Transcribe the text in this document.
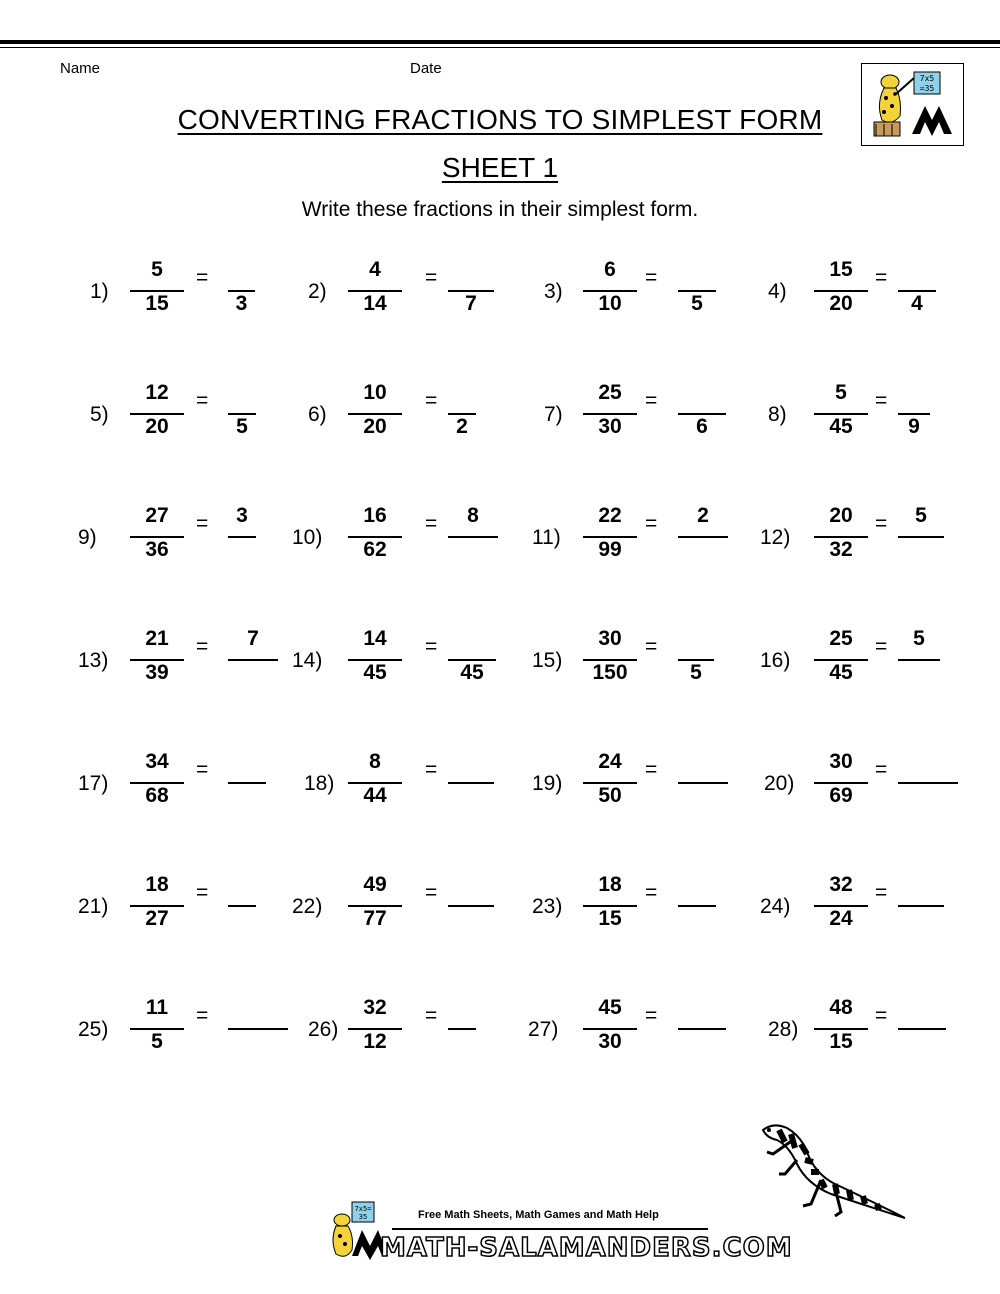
Name	Date
CONVERTING FRACTIONS TO SIMPLEST FORM
SHEET 1
Write these fractions in their simplest form.
7x5
=35
1)
5
15
=
3
2)
4
14
=
7
3)
6
10
=
5
4)
15
20
=
4
5)
12
20
=
5
6)
10
20
=
2
7)
25
30
=
6
8)
5
45
=
9
9)
27
36
=	3
10)
16
62
=	8
11)
22
99
=	2
12)
20
32
=	5
13)
21
39
=	7
14)
14
45
=
45
15)
30
150
=
5
16)
25
45
=	5
17)
34
68
=
18)
8
44
=
19)
24
50
=
20)
30
69
=
21)
18
27
=
22)
49
77
=
23)
18
15
=
24)
32
24
=
25)
11
5
=
26)
32
12
=
27)
45
30
=
28)
48
15
=
Free Math Sheets, Math Games and Math Help
7x5=
35
MATH-SALAMANDERS.COM
